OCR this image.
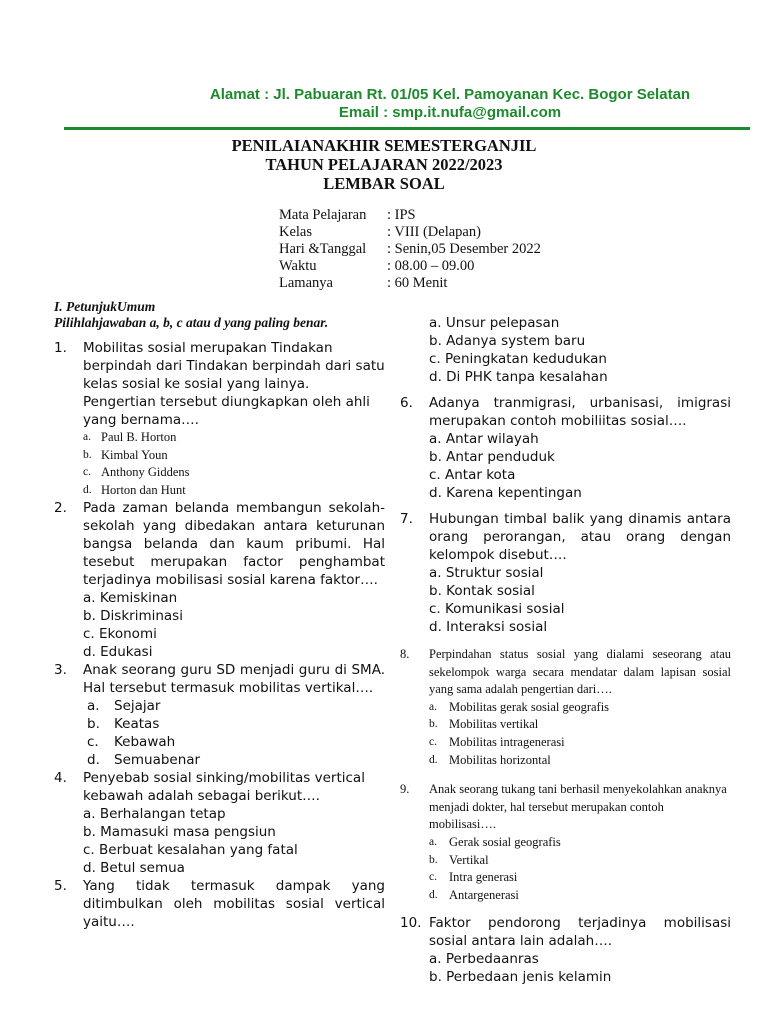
Alamat : Jl. Pabuaran Rt. 01/05 Kel. Pamoyanan Kec. Bogor Selatan
Email : smp.it.nufa@gmail.com
PENILAIANAKHIR SEMESTERGANJIL
TAHUN PELAJARAN 2022/2023
LEMBAR SOAL
Mata Pelajaran	: IPS
Kelas	: VIII (Delapan)
Hari &Tanggal	: Senin,05 Desember 2022
Waktu	: 08.00 – 09.00
Lamanya	: 60 Menit
I. PetunjukUmum
Pilihlahjawaban a, b, c atau d yang paling benar.
1.	Mobilitas sosial merupakan Tindakan berpindah dari Tindakan berpindah dari satu kelas sosial ke sosial yang lainya. Pengertian tersebut diungkapkan oleh ahli yang bernama….
a. Paul B. Horton
b. Kimbal Youn
c. Anthony Giddens
d. Horton dan Hunt
2.	Pada zaman belanda membangun sekolah-sekolah yang dibedakan antara keturunan bangsa belanda dan kaum pribumi. Hal tesebut merupakan factor penghambat terjadinya mobilisasi sosial karena faktor….
a. Kemiskinan
b. Diskriminasi
c. Ekonomi
d. Edukasi
3.	Anak seorang guru SD menjadi guru di SMA. Hal tersebut termasuk mobilitas vertikal….
a.	Sejajar
b.	Keatas
c.	Kebawah
d.	Semuabenar
4.	Penyebab sosial sinking/mobilitas vertical kebawah adalah sebagai berikut….
a. Berhalangan tetap
b. Mamasuki masa pengsiun
c. Berbuat kesalahan yang fatal
d. Betul semua
5.	Yang tidak termasuk dampak yang ditimbulkan oleh mobilitas sosial vertical yaitu….
a. Unsur pelepasan
b. Adanya system baru
c. Peningkatan kedudukan
d. Di PHK tanpa kesalahan
6.	Adanya tranmigrasi, urbanisasi, imigrasi merupakan contoh mobiliitas sosial….
a. Antar wilayah
b. Antar penduduk
c. Antar kota
d. Karena kepentingan
7.	Hubungan timbal balik yang dinamis antara orang perorangan, atau orang dengan kelompok disebut….
a. Struktur sosial
b. Kontak sosial
c. Komunikasi sosial
d. Interaksi sosial
8.	Perpindahan status sosial yang dialami seseorang atau sekelompok warga secara mendatar dalam lapisan sosial yang sama adalah pengertian dari….
a. Mobilitas gerak sosial geografis
b. Mobilitas vertikal
c. Mobilitas intragenerasi
d. Mobilitas horizontal
9.	Anak seorang tukang tani berhasil menyekolahkan anaknya menjadi dokter, hal tersebut merupakan contoh mobilisasi….
a. Gerak sosial geografis
b. Vertikal
c. Intra generasi
d. Antargenerasi
10. Faktor pendorong terjadinya mobilisasi sosial antara lain adalah….
a. Perbedaanras
b. Perbedaan jenis kelamin
